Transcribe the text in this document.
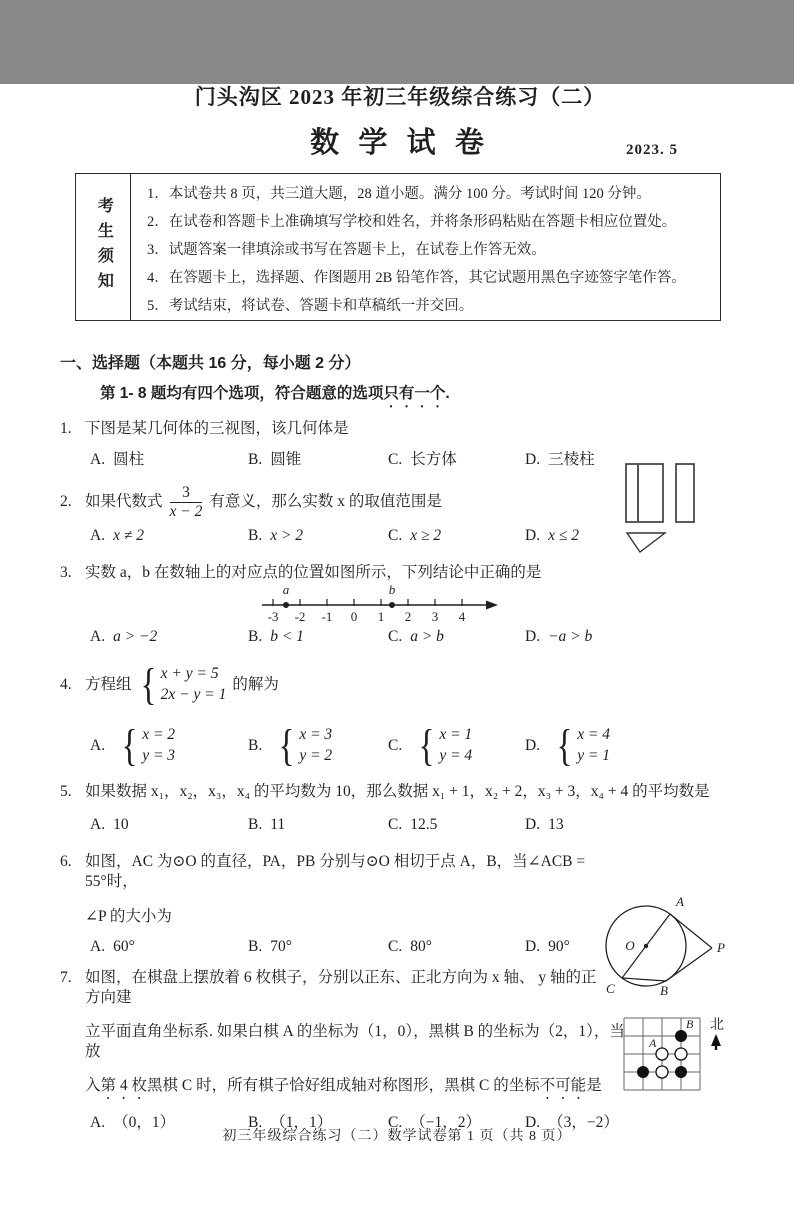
门头沟区 2023 年初三年级综合练习（二）
数 学 试 卷	2023. 5
考生须知
1．本试卷共 8 页，共三道大题，28 道小题。满分 100 分。考试时间 120 分钟。
2．在试卷和答题卡上准确填写学校和姓名，并将条形码粘贴在答题卡相应位置处。
3．试题答案一律填涂或书写在答题卡上，在试卷上作答无效。
4．在答题卡上，选择题、作图题用 2B 铅笔作答，其它试题用黑色字迹签字笔作答。
5．考试结束，将试卷、答题卡和草稿纸一并交回。
一、选择题（本题共 16 分，每小题 2 分）
第 1- 8 题均有四个选项，符合题意的选项只有一个.
1. 下图是某几何体的三视图，该几何体是
A. 圆柱	B. 圆锥	C. 长方体	D. 三棱柱
2. 如果代数式 $\frac{3}{x - 2}$ 有意义，那么实数 x 的取值范围是
A. x ≠ 2	B. x > 2	C. x ≥ 2	D. x ≤ 2
3. 实数 a，b 在数轴上的对应点的位置如图所示，下列结论中正确的是
-3 -2 -1 0 1 2 3 4
a	b
A. a > −2	B. b < 1	C. a > b	D. −a > b
4. 方程组 { x + y = 5
2x − y = 1
的解为
A. { x = 2
y = 3
B. { x = 3
y = 2
C. { x = 1
y = 4
D. { x = 4
y = 1
5. 如果数据 x₁，x₂，x₃，x₄ 的平均数为 10，那么数据 x₁ + 1，x₂ + 2，x₃ + 3，x₄ + 4 的平均数是
A. 10	B. 11	C. 12.5	D. 13
6. 如图，AC 为⊙O 的直径，PA，PB 分别与⊙O 相切于点 A，B，当∠ACB = 55°时，
∠P 的大小为
A. 60°	B. 70°	C. 80°	D. 90°
7. 如图，在棋盘上摆放着 6 枚棋子，分别以正东、正北方向为 x 轴、 y 轴的正方向建
立平面直角坐标系. 如果白棋 A 的坐标为（1，0），黑棋 B 的坐标为（2，1），当放
入第 4 枚黑棋 C 时，所有棋子恰好组成轴对称图形，黑棋 C 的坐标不可能是
A. （0，1）	B. （1，1）	C. （−1，2）	D. （3，−2）
O
A
P
C	B
B
A
北
初三年级综合练习（二）数学试卷第 1 页（共 8 页）
